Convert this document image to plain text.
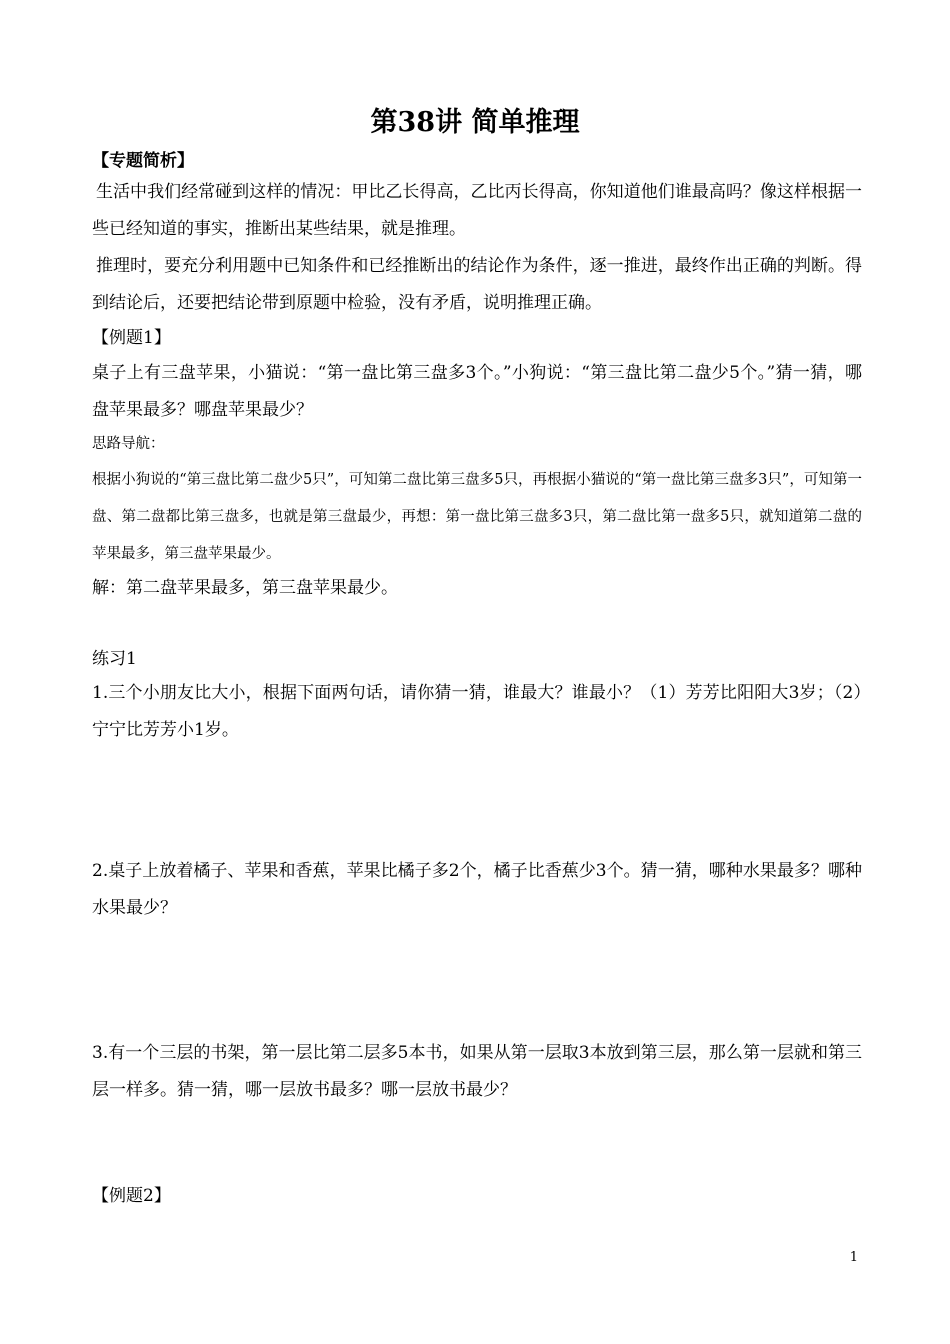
第38讲 简单推理
【专题简析】
生活中我们经常碰到这样的情况：甲比乙长得高，乙比丙长得高，你知道他们谁最高吗？像这样根据一些已经知道的事实，推断出某些结果，就是推理。
推理时，要充分利用题中已知条件和已经推断出的结论作为条件，逐一推进，最终作出正确的判断。得到结论后，还要把结论带到原题中检验，没有矛盾，说明推理正确。
【例题1】
桌子上有三盘苹果，小猫说：“第一盘比第三盘多3个。”小狗说：“第三盘比第二盘少5个。”猜一猜，哪盘苹果最多？哪盘苹果最少？
思路导航：
根据小狗说的“第三盘比第二盘少5只”，可知第二盘比第三盘多5只，再根据小猫说的“第一盘比第三盘多3只”，可知第一盘、第二盘都比第三盘多，也就是第三盘最少，再想：第一盘比第三盘多3只，第二盘比第一盘多5只，就知道第二盘的苹果最多，第三盘苹果最少。
解：第二盘苹果最多，第三盘苹果最少。
练习1
1.三个小朋友比大小，根据下面两句话，请你猜一猜，谁最大？谁最小？（1）芳芳比阳阳大3岁；（2）宁宁比芳芳小1岁。
2.桌子上放着橘子、苹果和香蕉，苹果比橘子多2个，橘子比香蕉少3个。猜一猜，哪种水果最多？哪种水果最少？
3.有一个三层的书架，第一层比第二层多5本书，如果从第一层取3本放到第三层，那么第一层就和第三层一样多。猜一猜，哪一层放书最多？哪一层放书最少？
【例题2】
1
